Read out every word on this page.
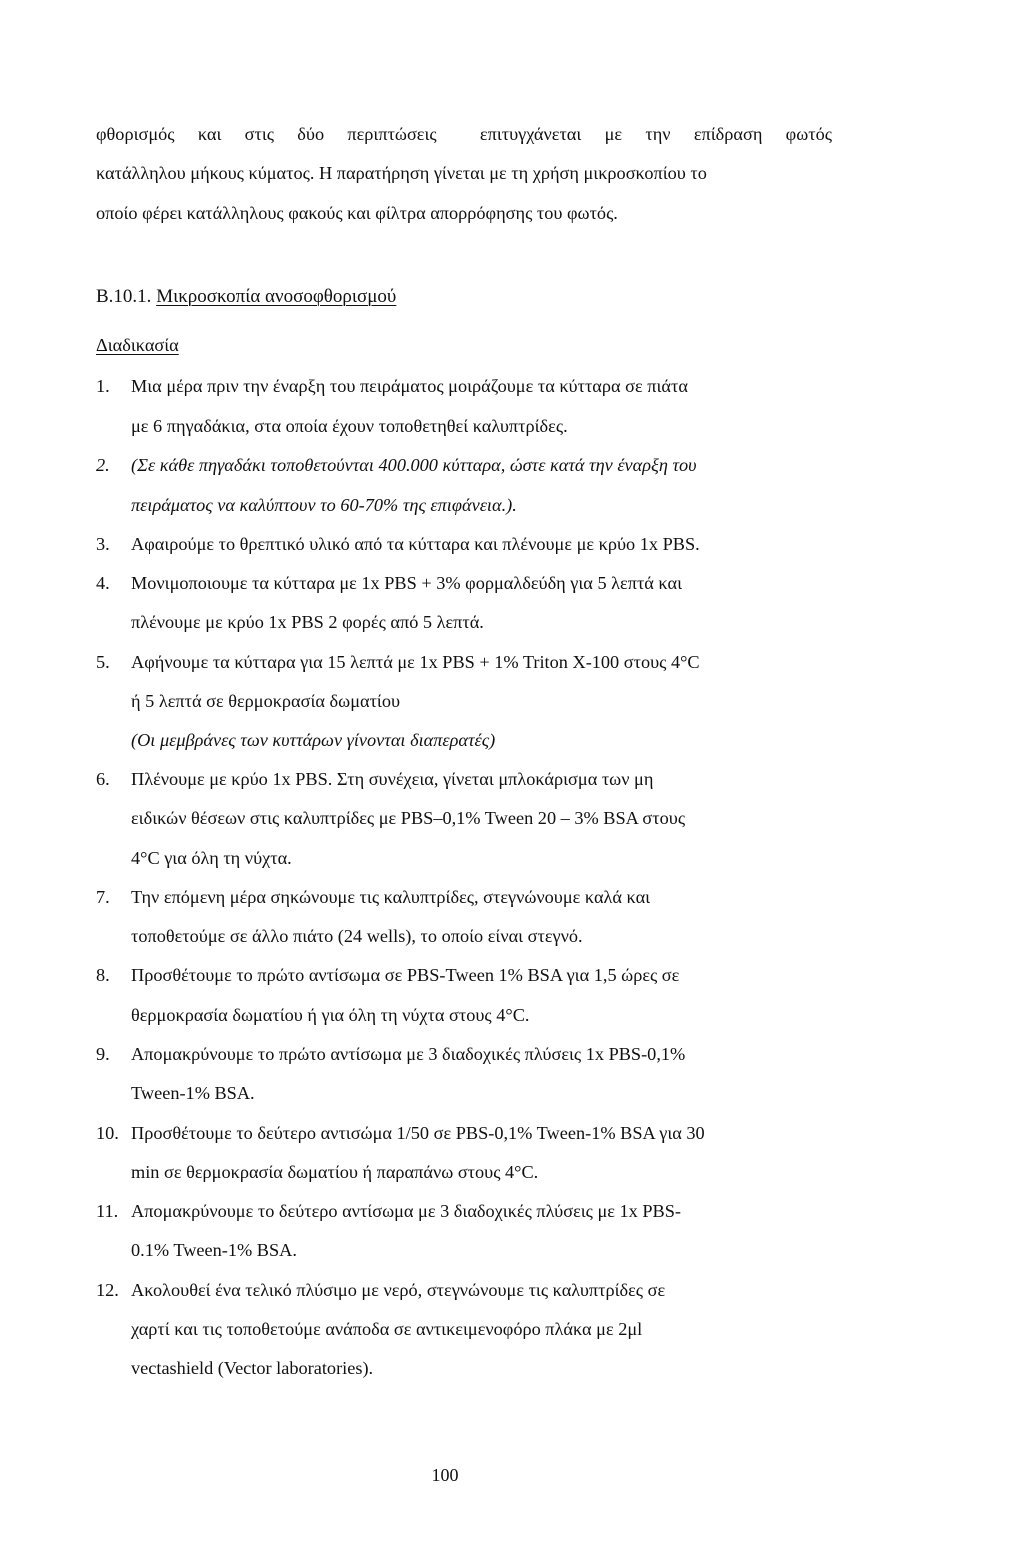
φθορισμός και στις δύο περιπτώσεις επιτυγχάνεται με την επίδραση φωτός
κατάλληλου μήκους κύματος. Η παρατήρηση γίνεται με τη χρήση μικροσκοπίου το
οποίο φέρει κατάλληλους φακούς και φίλτρα απορρόφησης του φωτός.
B.10.1. Μικροσκοπία ανοσοφθορισμού
Διαδικασία
1. Μια μέρα πριν την έναρξη του πειράματος μοιράζουμε τα κύτταρα σε πιάτα
με 6 πηγαδάκια, στα οποία έχουν τοποθετηθεί καλυπτρίδες.
2. (Σε κάθε πηγαδάκι τοποθετούνται 400.000 κύτταρα, ώστε κατά την έναρξη του
πειράματος να καλύπτουν το 60-70% της επιφάνεια.).
3. Αφαιρούμε το θρεπτικό υλικό από τα κύτταρα και πλένουμε με κρύο 1x PBS.
4. Μονιμοποιουμε τα κύτταρα με 1x PBS + 3% φορμαλδεύδη για 5 λεπτά και
πλένουμε με κρύο 1x PBS 2 φορές από 5 λεπτά.
5. Αφήνουμε τα κύτταρα για 15 λεπτά με 1x PBS + 1% Triton X-100 στους 4°C
ή 5 λεπτά σε θερμοκρασία δωματίου
(Οι μεμβράνες των κυττάρων γίνονται διαπερατές)
6. Πλένουμε με κρύο 1x PBS. Στη συνέχεια, γίνεται μπλοκάρισμα των μη
ειδικών θέσεων στις καλυπτρίδες με PBS–0,1% Tween 20 – 3% BSA στους
4°C για όλη τη νύχτα.
7. Την επόμενη μέρα σηκώνουμε τις καλυπτρίδες, στεγνώνουμε καλά και
τοποθετούμε σε άλλο πιάτο (24 wells), το οποίο είναι στεγνό.
8. Προσθέτουμε το πρώτο αντίσωμα σε PBS-Tween 1% BSA για 1,5 ώρες σε
θερμοκρασία δωματίου ή για όλη τη νύχτα στους 4°C.
9. Απομακρύνουμε το πρώτο αντίσωμα με 3 διαδοχικές πλύσεις 1x PBS-0,1%
Tween-1% BSA.
10. Προσθέτουμε το δεύτερο αντισώμα 1/50 σε PBS-0,1% Tween-1% BSA για 30
min σε θερμοκρασία δωματίου ή παραπάνω στους 4°C.
11. Απομακρύνουμε το δεύτερο αντίσωμα με 3 διαδοχικές πλύσεις με 1x PBS-
0.1% Tween-1% BSA.
12. Ακολουθεί ένα τελικό πλύσιμο με νερό, στεγνώνουμε τις καλυπτρίδες σε
χαρτί και τις τοποθετούμε ανάποδα σε αντικειμενοφόρο πλάκα με 2μl
vectashield (Vector laboratories).
100
